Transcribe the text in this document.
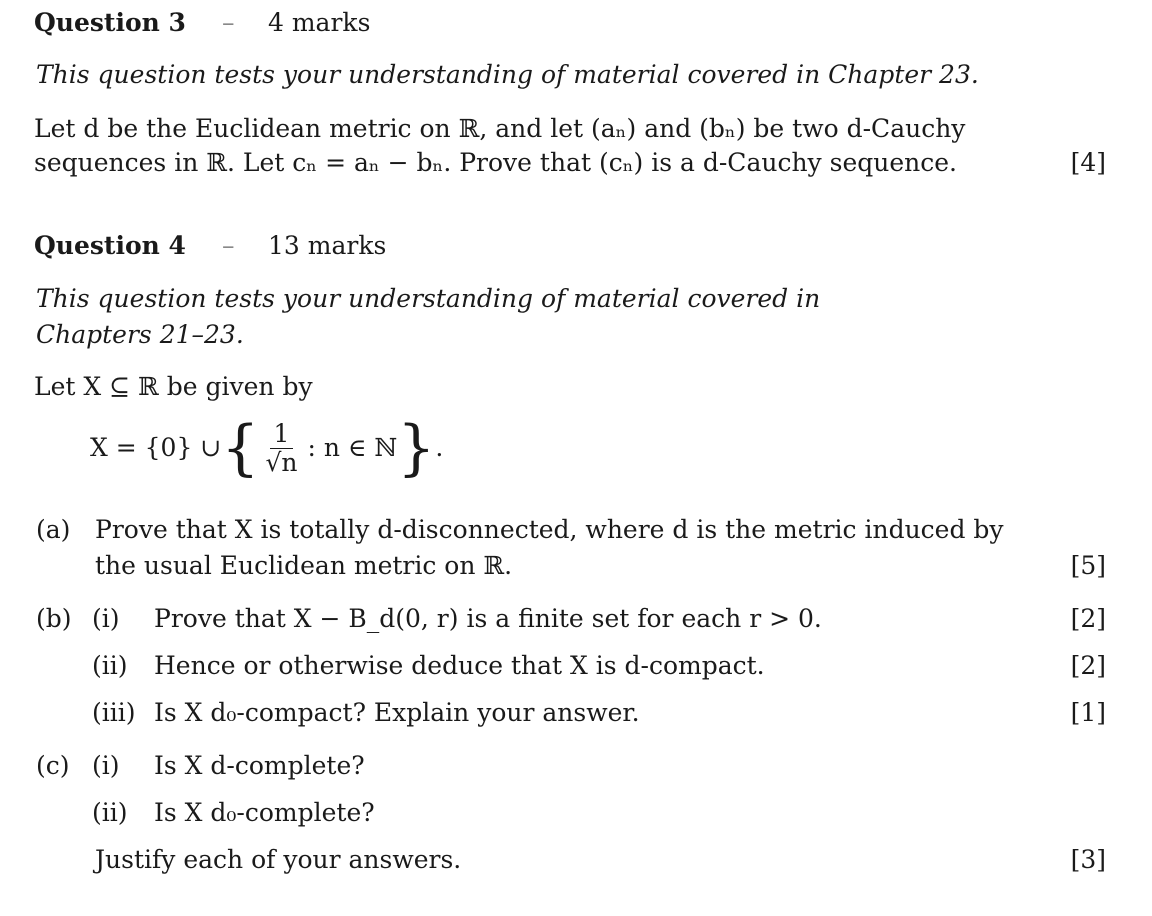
Question 3 – 4 marks
This question tests your understanding of material covered in Chapter 23.
Let d be the Euclidean metric on ℝ, and let (aₙ) and (bₙ) be two d-Cauchy
sequences in ℝ. Let cₙ = aₙ − bₙ. Prove that (cₙ) is a d-Cauchy sequence.	[4]
Question 4 – 13 marks
This question tests your understanding of material covered in
Chapters 21–23.
Let X ⊆ ℝ be given by
X = {0} ∪ { $\frac{1}{√n}$ : n ∈ ℕ } .
(a) Prove that X is totally d-disconnected, where d is the metric induced by
the usual Euclidean metric on ℝ.	[5]
(b) (i) Prove that X − B_d(0, r) is a finite set for each r > 0.	[2]
(ii) Hence or otherwise deduce that X is d-compact.	[2]
(iii) Is X d₀-compact? Explain your answer.	[1]
(c) (i) Is X d-complete?
(ii) Is X d₀-complete?
Justify each of your answers.	[3]
